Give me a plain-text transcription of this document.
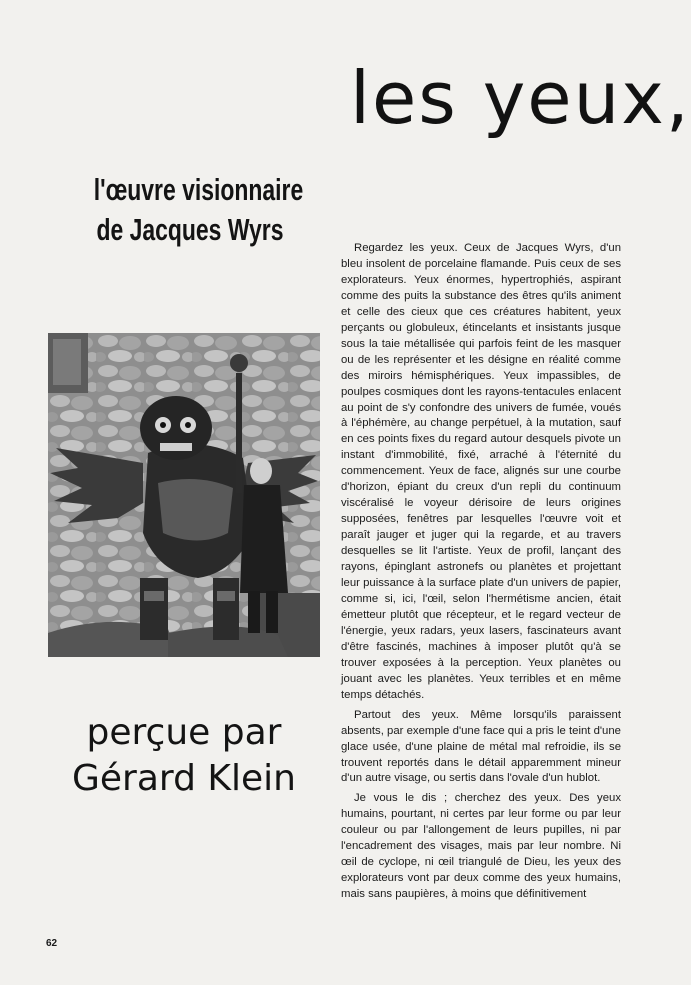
les yeux,
l'œuvre visionnaire
de Jacques Wyrs
perçue par
Gérard Klein

Regardez les yeux. Ceux de Jacques Wyrs, d'un bleu insolent de porcelaine flamande. Puis ceux de ses explorateurs. Yeux énormes, hypertrophiés, aspirant comme des puits la substance des êtres qu'ils animent et celle des cieux que ces créatures habitent, yeux perçants ou globuleux, étincelants et insistants jusque sous la taie métallisée qui parfois feint de les masquer ou de les représenter et les désigne en réalité comme des miroirs hémisphériques. Yeux impassibles, de poulpes cosmiques dont les rayons-tentacules enlacent au point de s'y confondre des univers de fumée, voués à l'éphémère, au change perpétuel, à la mutation, sauf en ces points fixes du regard autour desquels pivote un instant d'immobilité, fixé, arraché à l'éternité du commencement. Yeux de face, alignés sur une courbe d'horizon, épiant du creux d'un repli du continuum viscéralisé le voyeur dérisoire de leurs origines supposées, fenêtres par lesquelles l'œuvre voit et paraît jauger et juger qui la regarde, et au travers desquelles se lit l'artiste. Yeux de profil, lançant des rayons, épinglant astronefs ou planètes et projettant leur puissance à la surface plate d'un univers de papier, comme si, ici, l'œil, selon l'hermétisme ancien, était émetteur plutôt que récepteur, et le regard vecteur de l'énergie, yeux radars, yeux lasers, fascinateurs avant d'être fascinés, machines à imposer plutôt qu'à se trouver exposées à la perception. Yeux planètes ou jouant avec les planètes. Yeux terribles et en même temps détachés.

Partout des yeux. Même lorsqu'ils paraissent absents, par exemple d'une face qui a pris le teint d'une glace usée, d'une plaine de métal mal refroidie, ils se trouvent reportés dans le détail apparemment mineur d'un autre visage, ou sertis dans l'ovale d'un hublot.

Je vous le dis ; cherchez des yeux. Des yeux humains, pourtant, ni certes par leur forme ou par leur couleur ou par l'allongement de leurs pupilles, ni par l'encadrement des visages, mais par leur nombre. Ni œil de cyclope, ni œil triangulé de Dieu, les yeux des explorateurs vont par deux comme des yeux humains, mais sans paupières, à moins que définitivement

62
